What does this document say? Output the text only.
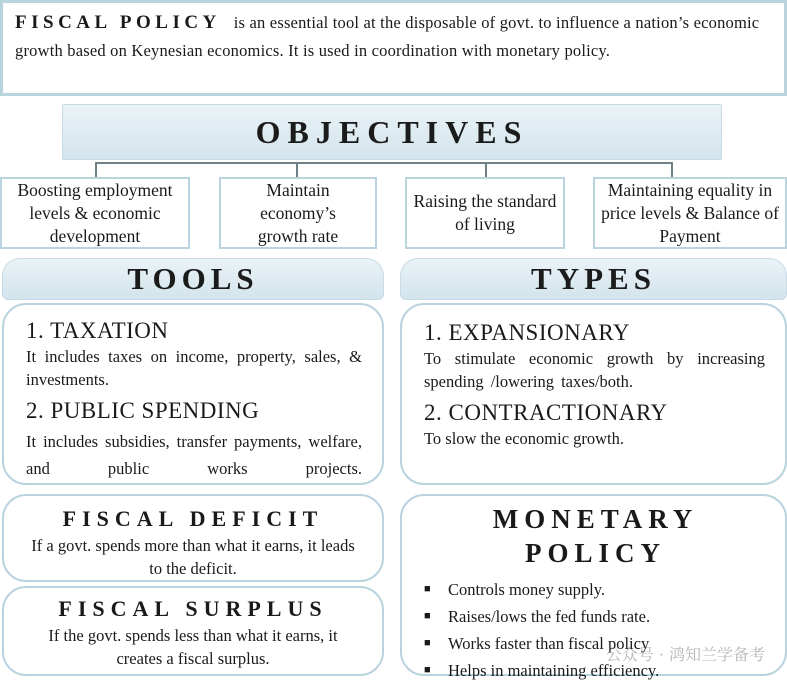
FISCAL POLICY is an essential tool at the disposable of govt. to influence a nation’s economic growth based on Keynesian economics. It is used in coordination with monetary policy.
OBJECTIVES
Boosting employment levels & economic development
Maintain economy’s growth rate
Raising the standard of living
Maintaining equality in price levels & Balance of Payment
TOOLS	TYPES
1. TAXATION

It includes taxes on income, property, sales, & investments.

2. PUBLIC SPENDING

It includes subsidies, transfer payments, welfare, and public works projects.

1. EXPANSIONARY

To stimulate economic growth by increasing spending /lowering taxes/both.

2. CONTRACTIONARY

To slow the economic growth.

FISCAL DEFICIT

If a govt. spends more than what it earns, it leads to the deficit.

FISCAL SURPLUS

If the govt. spends less than what it earns, it creates a fiscal surplus.

MONETARY

POLICY

■ Controls money supply.
■ Raises/lows the fed funds rate.
■ Works faster than fiscal policy
■ Helps in maintaining efficiency.
公众号 · 鸿知兰学备考
